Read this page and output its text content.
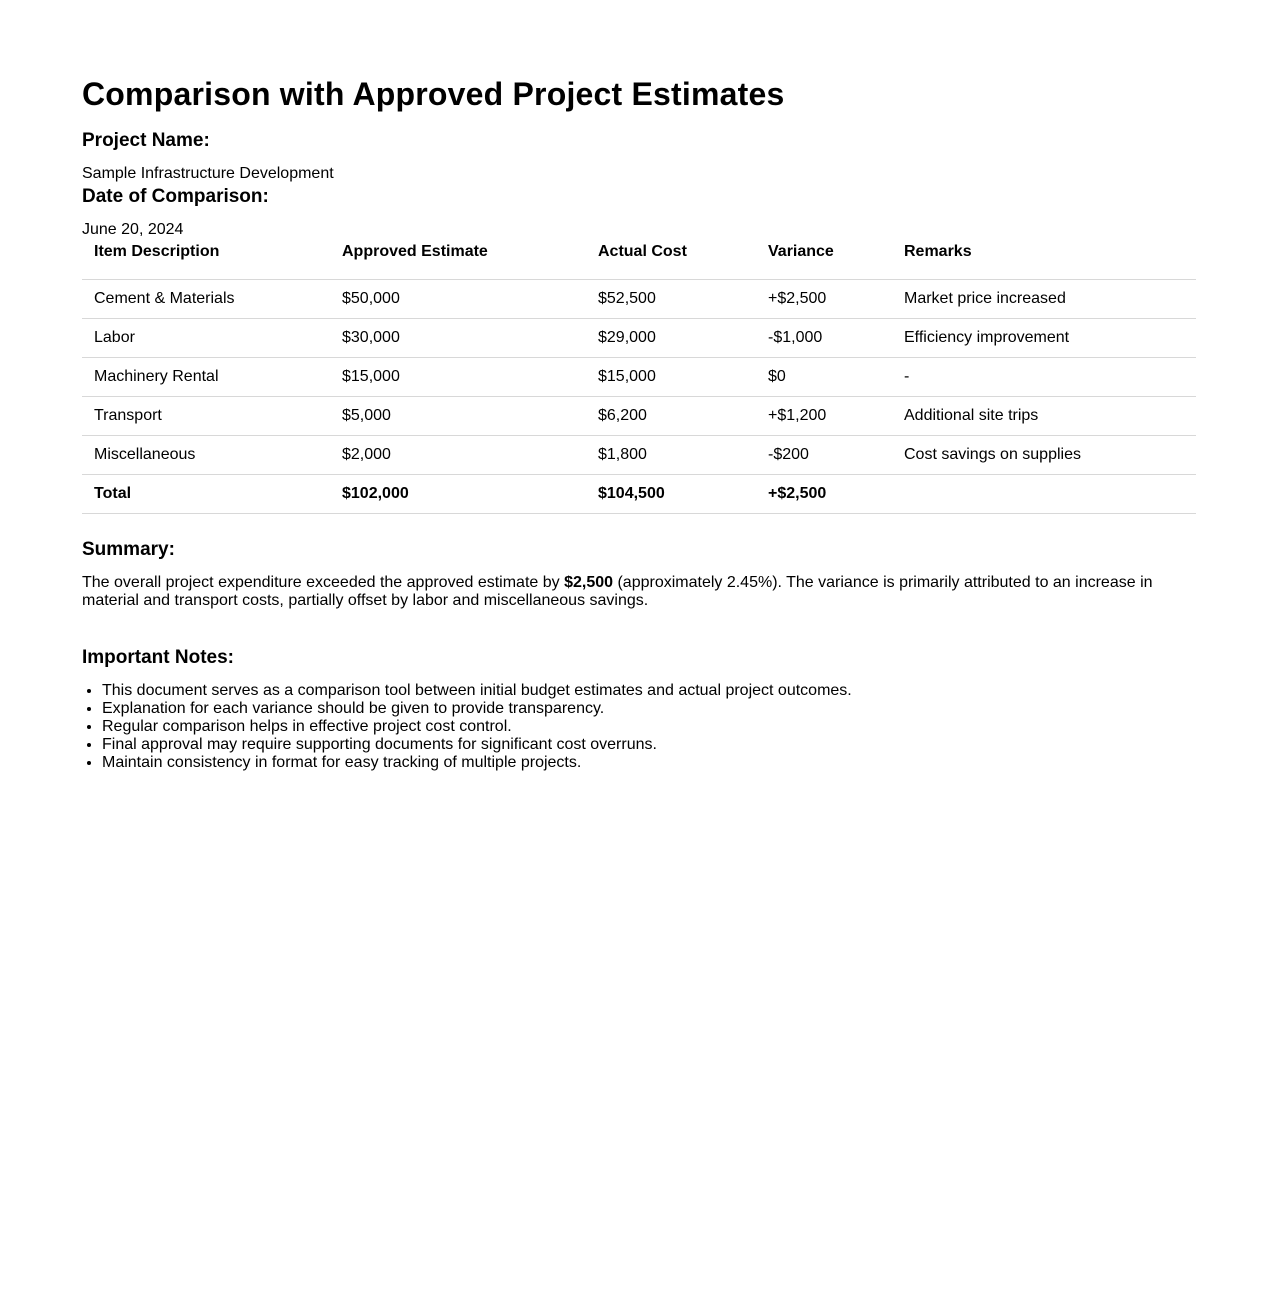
Comparison with Approved Project Estimates
Project Name:

Sample Infrastructure Development

Date of Comparison:

June 20, 2024

Item Description	Approved Estimate	Actual Cost	Variance	Remarks
Cement & Materials	$50,000	$52,500	+$2,500	Market price increased
Labor	$30,000	$29,000	-$1,000	Efficiency improvement
Machinery Rental	$15,000	$15,000	$0	-
Transport	$5,000	$6,200	+$1,200	Additional site trips
Miscellaneous	$2,000	$1,800	-$200	Cost savings on supplies
Total	$102,000	$104,500	+$2,500	
Summary:

The overall project expenditure exceeded the approved estimate by $2,500 (approximately 2.45%). The variance is primarily attributed to an increase in material and transport costs, partially offset by labor and miscellaneous savings.

Important Notes:
• This document serves as a comparison tool between initial budget estimates and actual project outcomes.
• Explanation for each variance should be given to provide transparency.
• Regular comparison helps in effective project cost control.
• Final approval may require supporting documents for significant cost overruns.
• Maintain consistency in format for easy tracking of multiple projects.
